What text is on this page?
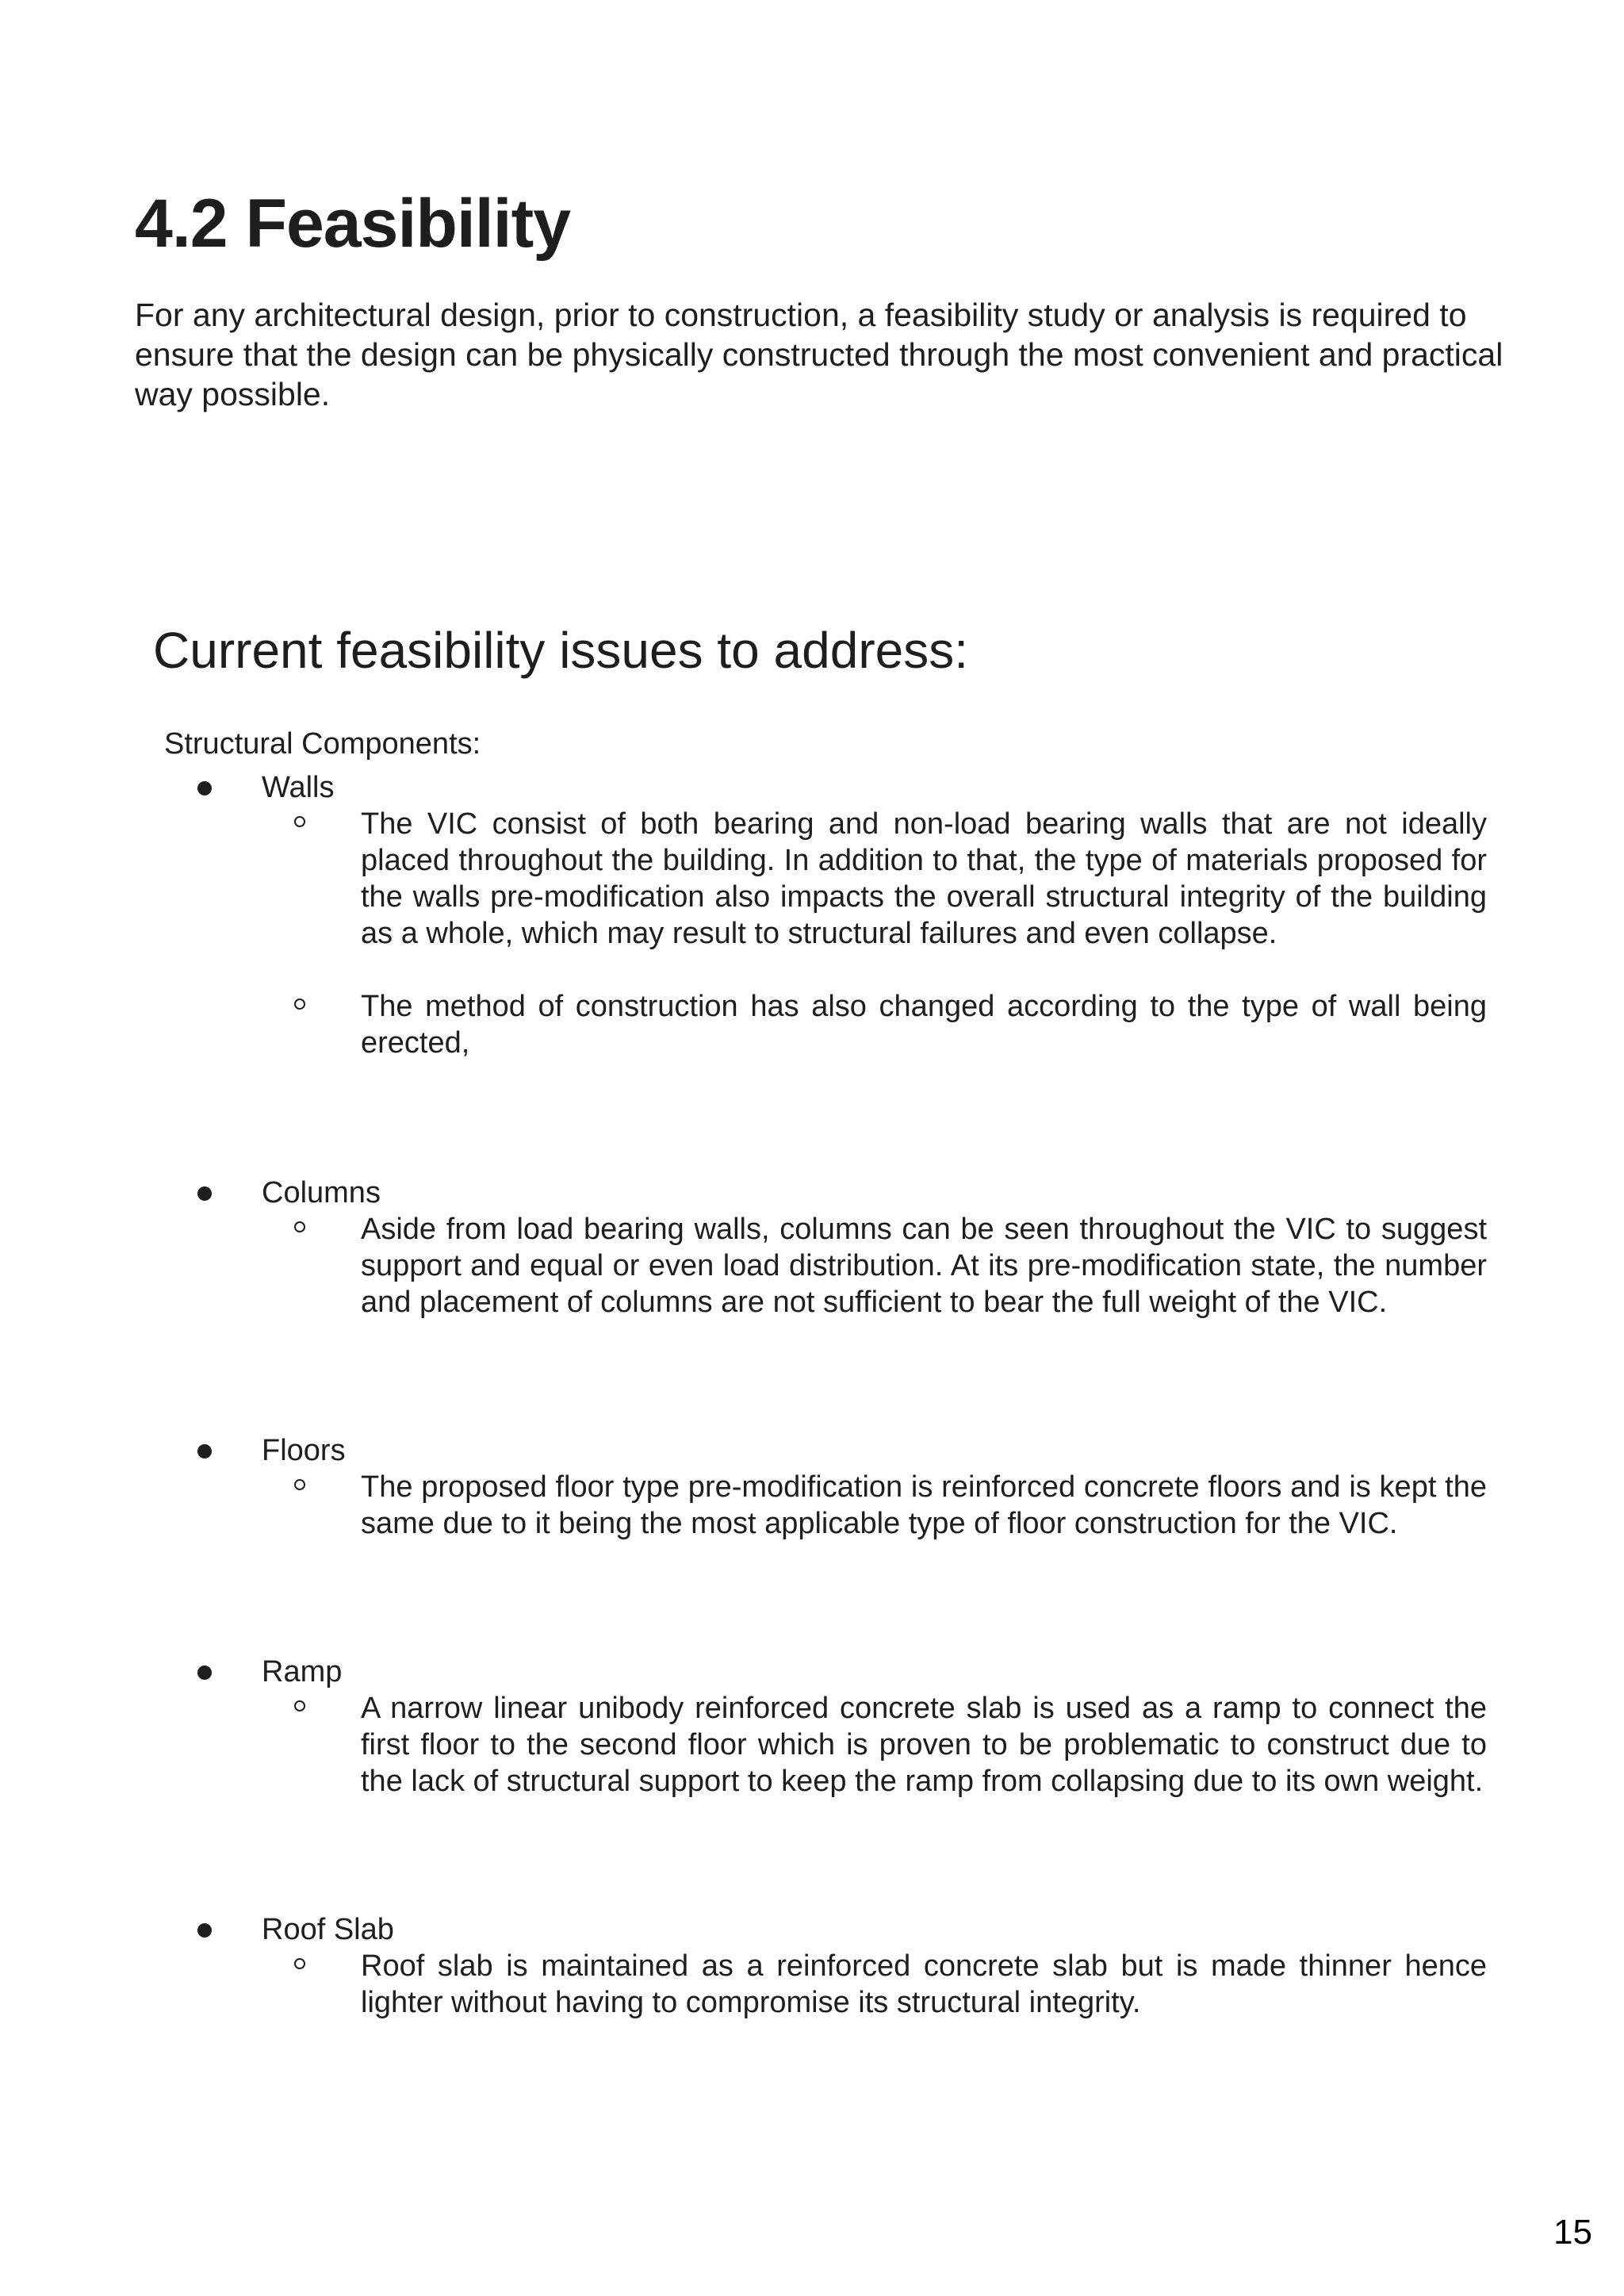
4.2 Feasibility

For any architectural design, prior to construction, a feasibility study or analysis is required to ensure that the design can be physically constructed through the most convenient and practical way possible.

Current feasibility issues to address:

Structural Components:

Walls

The VIC consist of both bearing and non-load bearing walls that are not ideally placed throughout the building. In addition to that, the type of materials proposed for the walls pre-modification also impacts the overall structural integrity of the building as a whole, which may result to structural failures and even collapse.

The method of construction has also changed according to the type of wall being erected,

Columns

Aside from load bearing walls, columns can be seen throughout the VIC to suggest support and equal or even load distribution. At its pre-modification state, the number and placement of columns are not sufficient to bear the full weight of the VIC.

Floors

The proposed floor type pre-modification is reinforced concrete floors and is kept the same due to it being the most applicable type of floor construction for the VIC.

Ramp

A narrow linear unibody reinforced concrete slab is used as a ramp to connect the first floor to the second floor which is proven to be problematic to construct due to the lack of structural support to keep the ramp from collapsing due to its own weight.

Roof Slab

Roof slab is maintained as a reinforced concrete slab but is made thinner hence lighter without having to compromise its structural integrity.

15
